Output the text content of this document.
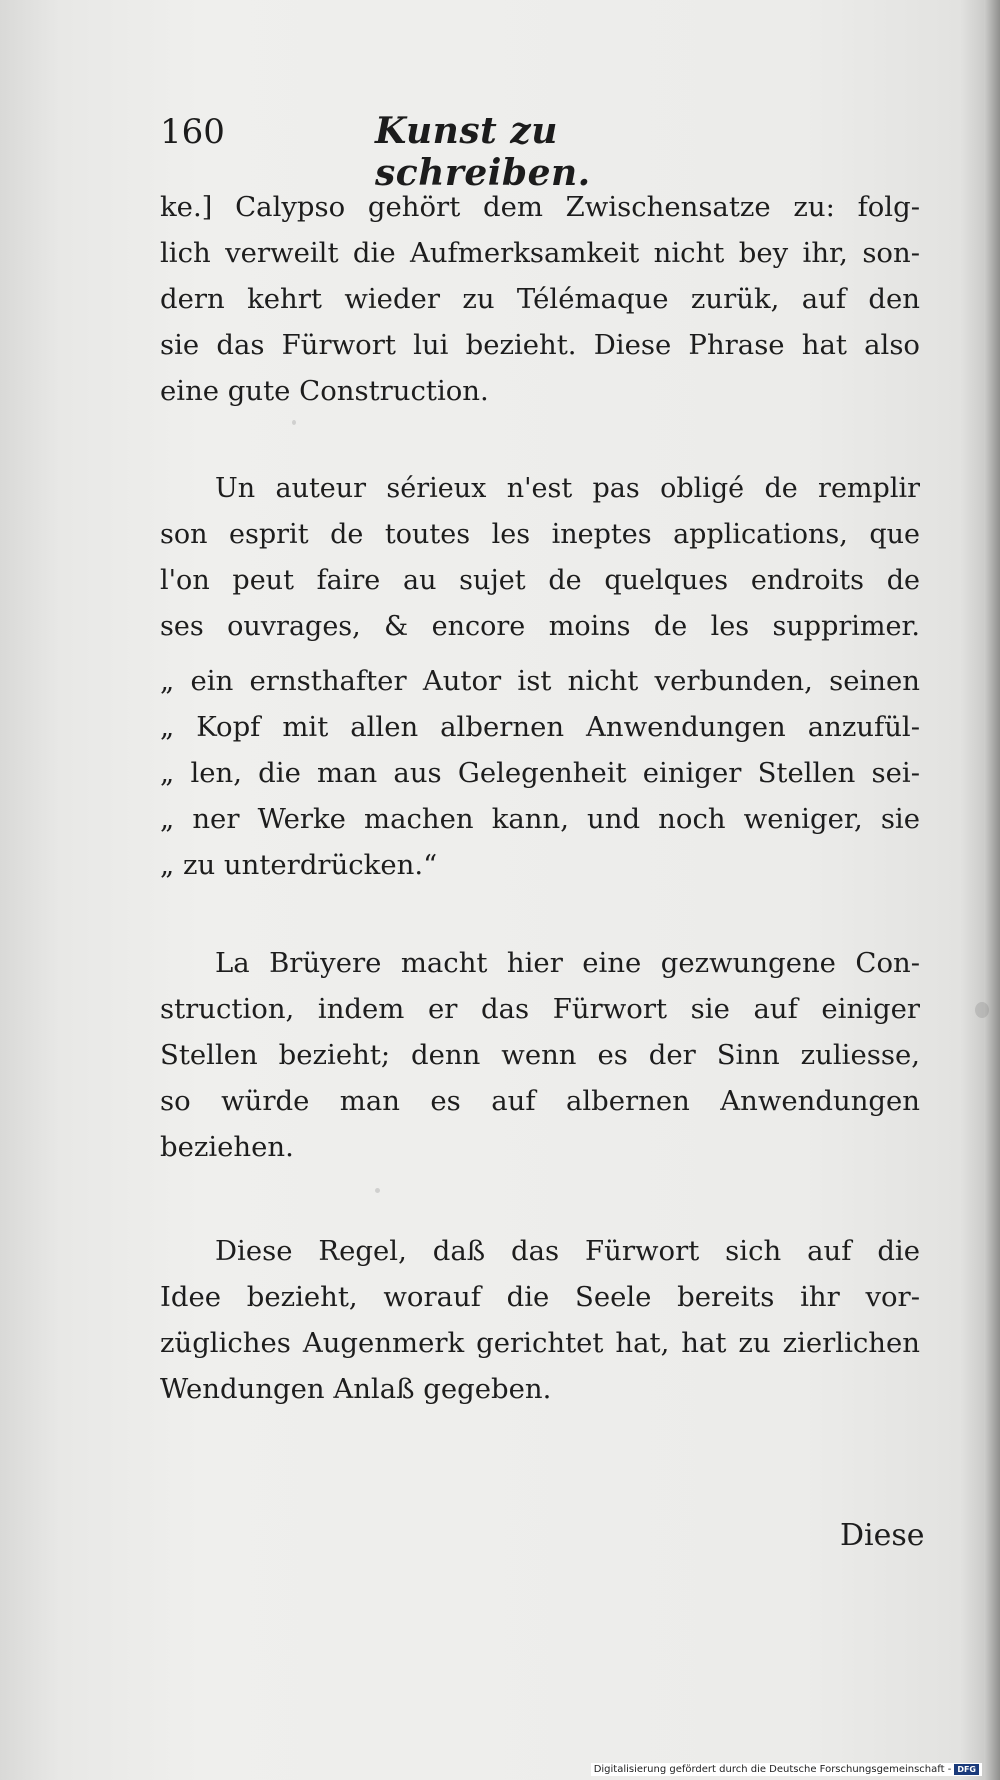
160	Kunst zu schreiben.
ke.] Calypso gehört dem Zwischensatze zu: folg-
lich verweilt die Aufmerksamkeit nicht bey ihr, son-
dern kehrt wieder zu Télémaque zurük, auf den
sie das Fürwort lui bezieht. Diese Phrase hat also
eine gute Construction.
Un auteur sérieux n'est pas obligé de remplir
son esprit de toutes les ineptes applications, que
l'on peut faire au sujet de quelques endroits de
ses ouvrages, & encore moins de les supprimer.
„ ein ernsthafter Autor ist nicht verbunden, seinen
„ Kopf mit allen albernen Anwendungen anzufül-
„ len, die man aus Gelegenheit einiger Stellen sei-
„ ner Werke machen kann, und noch weniger, sie
„ zu unterdrücken.“
La Brüyere macht hier eine gezwungene Con-
struction, indem er das Fürwort sie auf einiger
Stellen bezieht; denn wenn es der Sinn zuliesse,
so würde man es auf albernen Anwendungen
beziehen.
Diese Regel, daß das Fürwort sich auf die
Idee bezieht, worauf die Seele bereits ihr vor-
zügliches Augenmerk gerichtet hat, hat zu zierlichen
Wendungen Anlaß gegeben.
Diese
Digitalisierung gefördert durch die Deutsche Forschungsgemeinschaft - DFG
